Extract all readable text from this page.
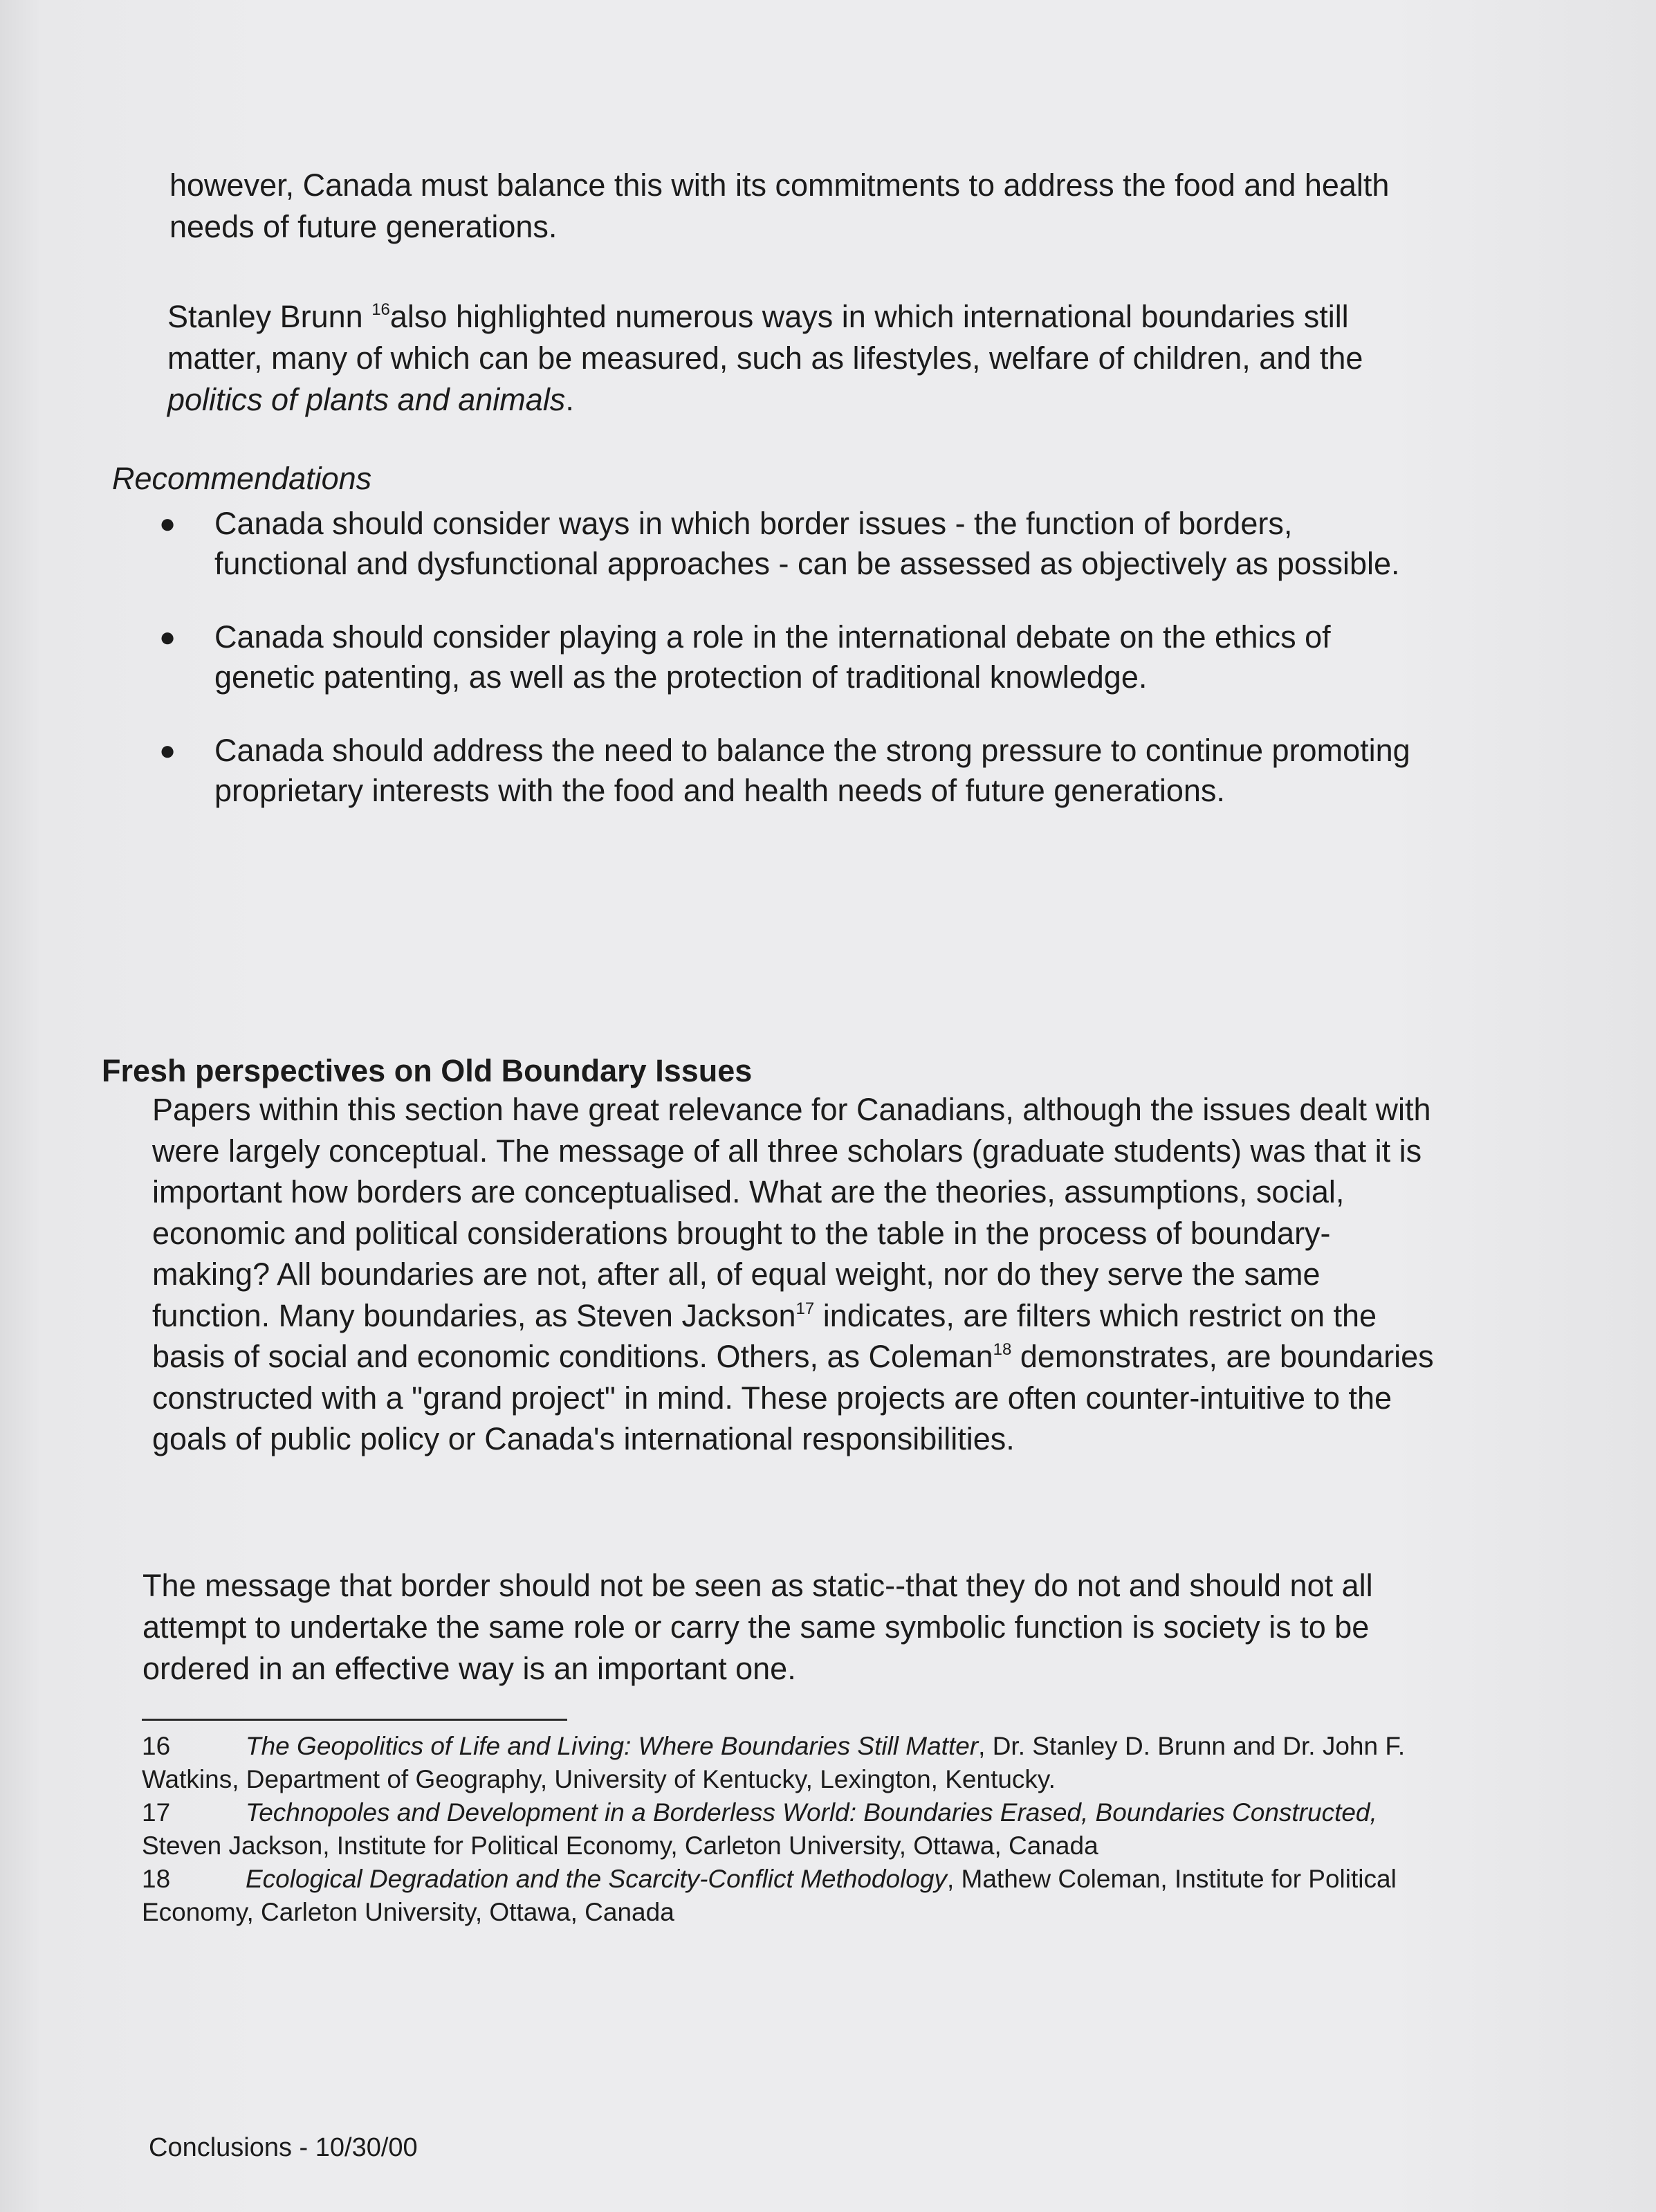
however, Canada must balance this with its commitments to address the food and health needs of future generations.

Stanley Brunn $^{16}$also highlighted numerous ways in which international boundaries still matter, many of which can be measured, such as lifestyles, welfare of children, and the politics of plants and animals.

Recommendations
● Canada should consider ways in which border issues - the function of borders, functional and dysfunctional approaches - can be assessed as objectively as possible.
● Canada should consider playing a role in the international debate on the ethics of genetic patenting, as well as the protection of traditional knowledge.
● Canada should address the need to balance the strong pressure to continue promoting proprietary interests with the food and health needs of future generations.
Fresh perspectives on Old Boundary Issues

Papers within this section have great relevance for Canadians, although the issues dealt with were largely conceptual. The message of all three scholars (graduate students) was that it is important how borders are conceptualised. What are the theories, assumptions, social, economic and political considerations brought to the table in the process of boundary-making? All boundaries are not, after all, of equal weight, nor do they serve the same function. Many boundaries, as Steven Jackson$^{17}$ indicates, are filters which restrict on the basis of social and economic conditions. Others, as Coleman$^{18}$ demonstrates, are boundaries constructed with a "grand project" in mind. These projects are often counter-intuitive to the goals of public policy or Canada's international responsibilities.

The message that border should not be seen as static--that they do not and should not all attempt to undertake the same role or carry the same symbolic function is society is to be ordered in an effective way is an important one.

16	The Geopolitics of Life and Living: Where Boundaries Still Matter, Dr. Stanley D. Brunn and Dr. John F. Watkins, Department of Geography, University of Kentucky, Lexington, Kentucky.

17	Technopoles and Development in a Borderless World: Boundaries Erased, Boundaries Constructed, Steven Jackson, Institute for Political Economy, Carleton University, Ottawa, Canada

18	Ecological Degradation and the Scarcity-Conflict Methodology, Mathew Coleman, Institute for Political Economy, Carleton University, Ottawa, Canada

Conclusions - 10/30/00
